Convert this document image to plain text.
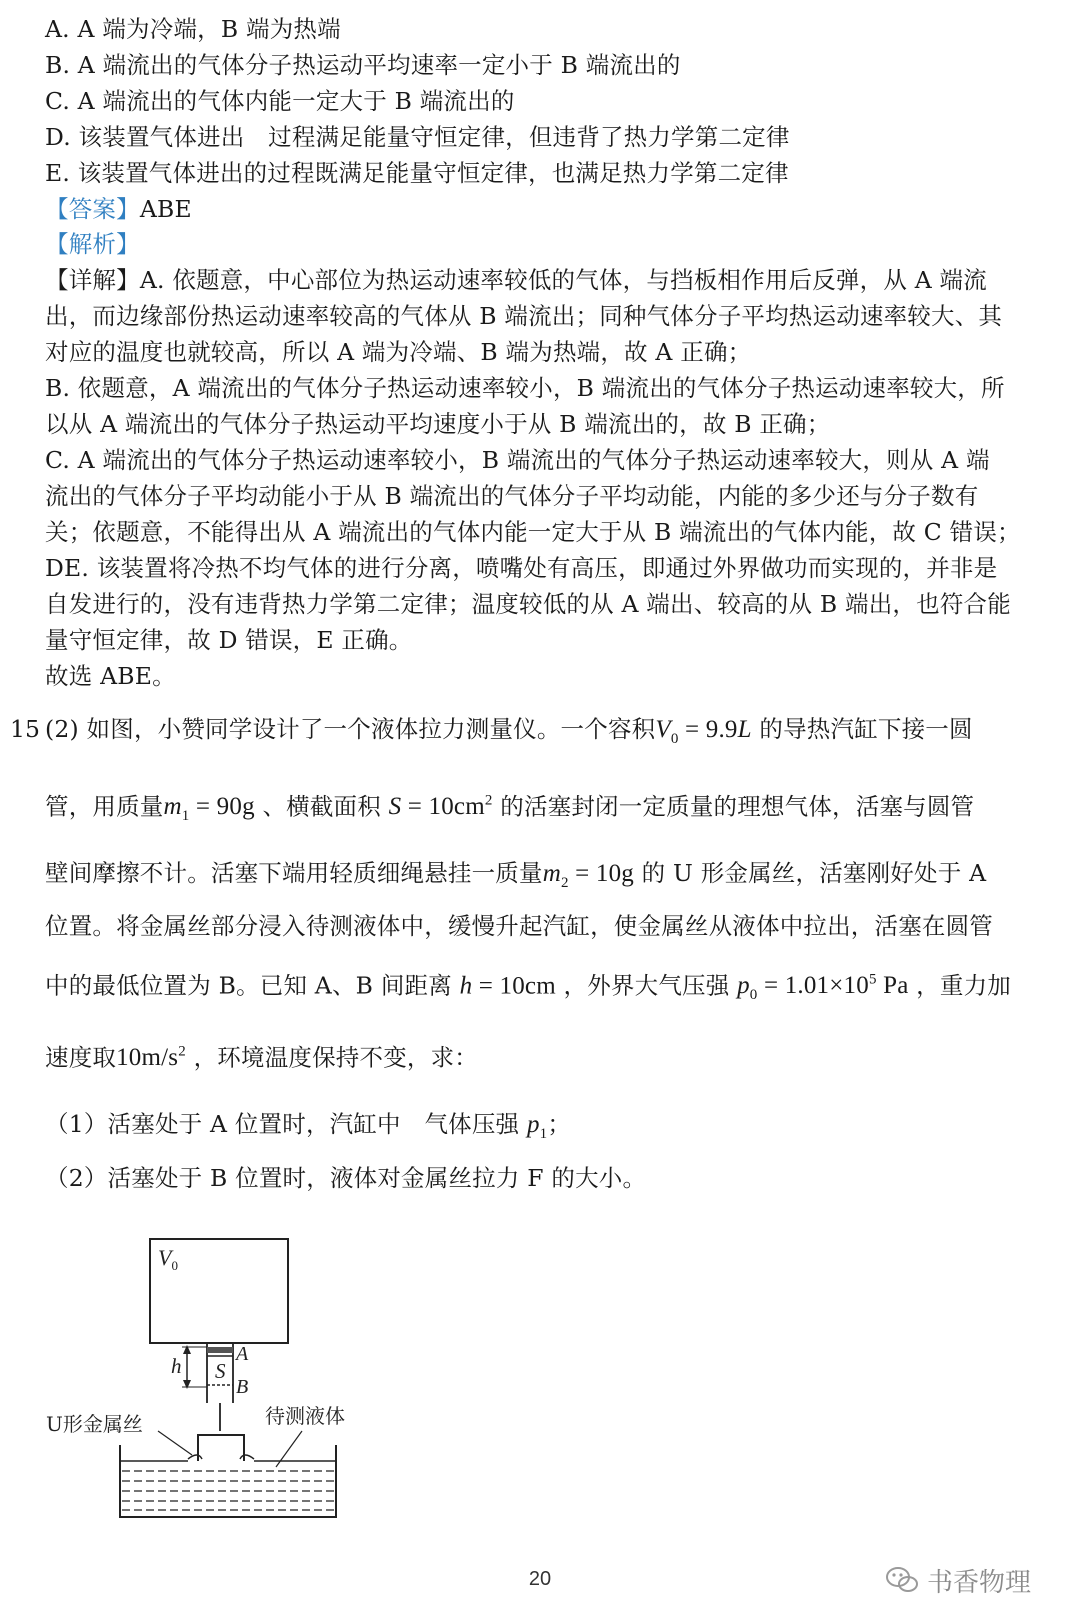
A. A 端为冷端，B 端为热端
B. A 端流出的气体分子热运动平均速率一定小于 B 端流出的
C. A 端流出的气体内能一定大于 B 端流出的
D. 该装置气体进出　过程满足能量守恒定律，但违背了热力学第二定律
E. 该装置气体进出的过程既满足能量守恒定律，也满足热力学第二定律
【答案】ABE
【解析】
【详解】A. 依题意，中心部位为热运动速率较低的气体，与挡板相作用后反弹，从 A 端流
出，而边缘部份热运动速率较高的气体从 B 端流出；同种气体分子平均热运动速率较大、其
对应的温度也就较高，所以 A 端为冷端、B 端为热端，故 A 正确；
B. 依题意，A 端流出的气体分子热运动速率较小，B 端流出的气体分子热运动速率较大，所
以从 A 端流出的气体分子热运动平均速度小于从 B 端流出的，故 B 正确；
C. A 端流出的气体分子热运动速率较小，B 端流出的气体分子热运动速率较大，则从 A 端
流出的气体分子平均动能小于从 B 端流出的气体分子平均动能，内能的多少还与分子数有
关；依题意，不能得出从 A 端流出的气体内能一定大于从 B 端流出的气体内能，故 C 错误；
DE. 该装置将冷热不均气体的进行分离，喷嘴处有高压，即通过外界做功而实现的，并非是
自发进行的，没有违背热力学第二定律；温度较低的从 A 端出、较高的从 B 端出，也符合能
量守恒定律，故 D 错误，E 正确。
故选 ABE。
15 (2) 如图，小赞同学设计了一个液体拉力测量仪。一个容积$V_0 = 9.9L$ 的导热汽缸下接一圆
管，用质量$m_1 = 90g$ 、横截面积 $S = 10cm^2$ 的活塞封闭一定质量的理想气体，活塞与圆管
壁间摩擦不计。活塞下端用轻质细绳悬挂一质量$m_2 = 10g$ 的 U 形金属丝，活塞刚好处于 A
位置。将金属丝部分浸入待测液体中，缓慢升起汽缸，使金属丝从液体中拉出，活塞在圆管
中的最低位置为 B。已知 A、B 间距离 h = 10cm ，外界大气压强 $p_0 = 1.01\times 10^5$ Pa ，重力加
速度取$10m/s^2$ ，环境温度保持不变，求：
（1）活塞处于 A 位置时，汽缸中　气体压强 $p_1$；
（2）活塞处于 B 位置时，液体对金属丝拉力 F 的大小。
$V_0$
A
B
S
h
U形金属丝	待测液体
20	书香物理
